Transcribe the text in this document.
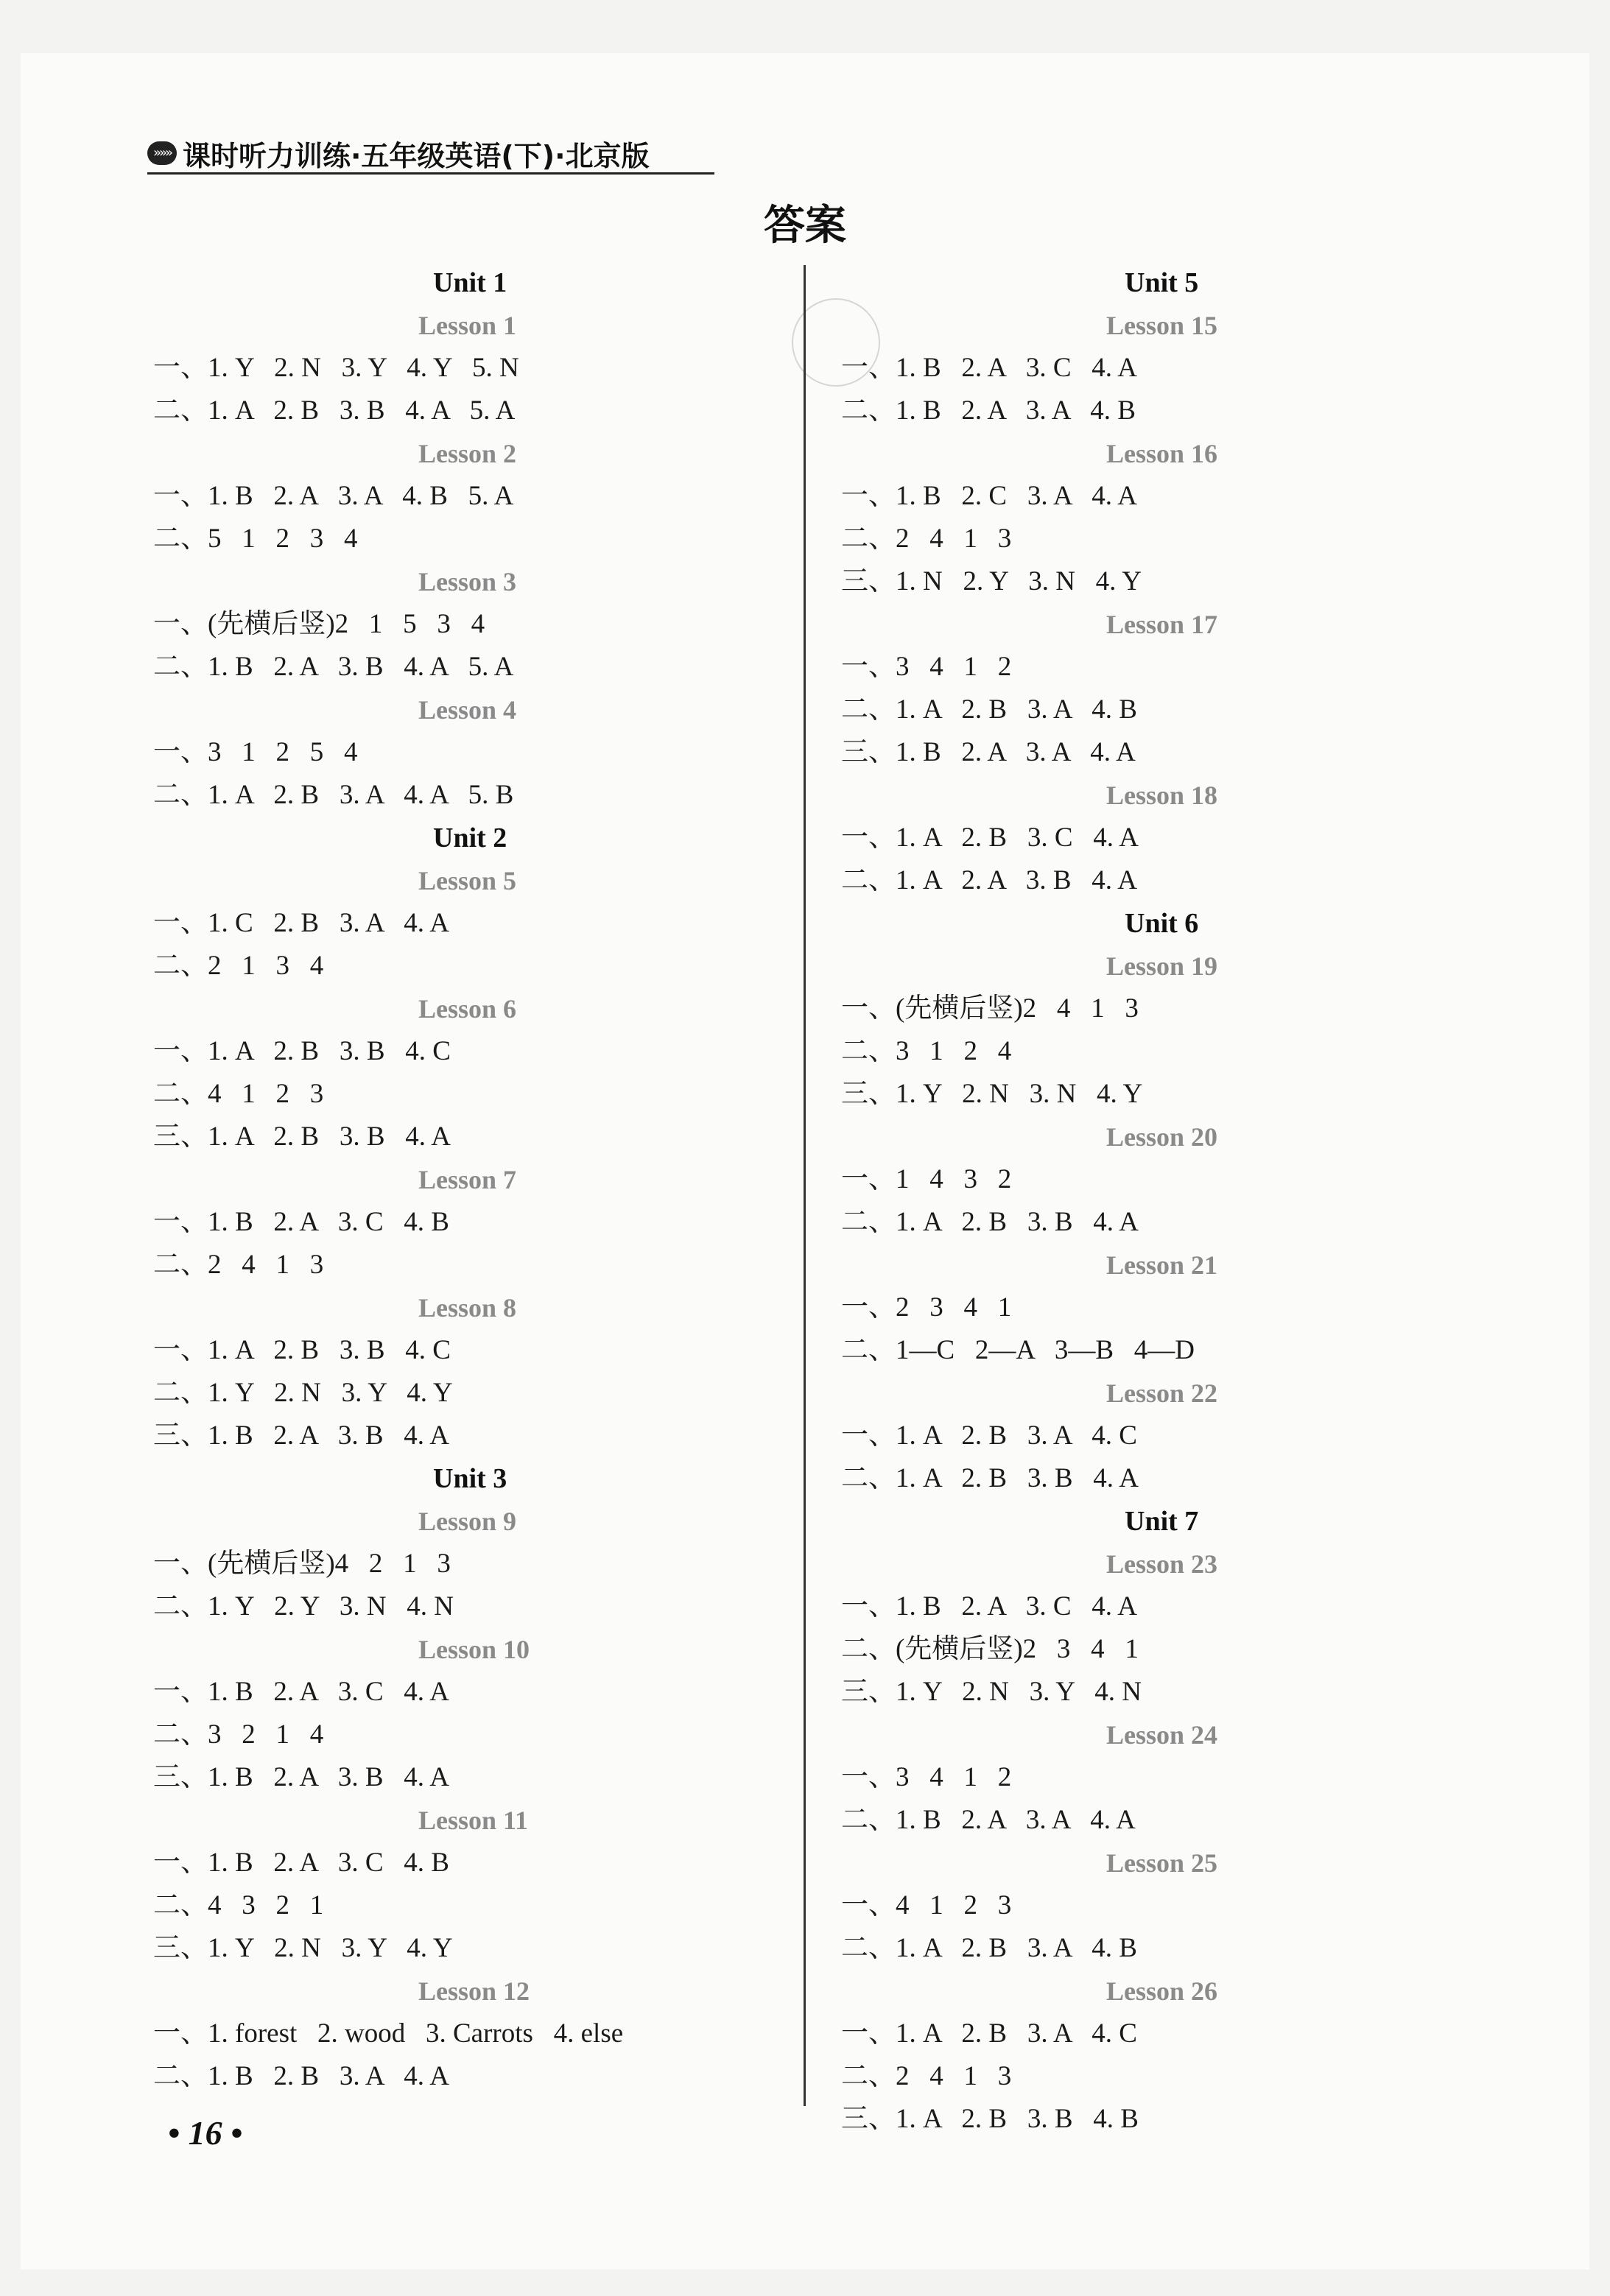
»»» 课时听力训练·五年级英语(下)·北京版
答案
Unit 1
Lesson 1
一、1. Y   2. N   3. Y   4. Y   5. N
二、1. A   2. B   3. B   4. A   5. A
Lesson 2
一、1. B   2. A   3. A   4. B   5. A
二、5   1   2   3   4
Lesson 3
一、(先横后竖)2   1   5   3   4
二、1. B   2. A   3. B   4. A   5. A
Lesson 4
一、3   1   2   5   4
二、1. A   2. B   3. A   4. A   5. B
Unit 2
Lesson 5
一、1. C   2. B   3. A   4. A
二、2   1   3   4
Lesson 6
一、1. A   2. B   3. B   4. C
二、4   1   2   3
三、1. A   2. B   3. B   4. A
Lesson 7
一、1. B   2. A   3. C   4. B
二、2   4   1   3
Lesson 8
一、1. A   2. B   3. B   4. C
二、1. Y   2. N   3. Y   4. Y
三、1. B   2. A   3. B   4. A
Unit 3
Lesson 9
一、(先横后竖)4   2   1   3
二、1. Y   2. Y   3. N   4. N
Lesson 10
一、1. B   2. A   3. C   4. A
二、3   2   1   4
三、1. B   2. A   3. B   4. A
Lesson 11
一、1. B   2. A   3. C   4. B
二、4   3   2   1
三、1. Y   2. N   3. Y   4. Y
Lesson 12
一、1. forest   2. wood   3. Carrots   4. else
二、1. B   2. B   3. A   4. A
Unit 5
Lesson 15
一、1. B   2. A   3. C   4. A
二、1. B   2. A   3. A   4. B
Lesson 16
一、1. B   2. C   3. A   4. A
二、2   4   1   3
三、1. N   2. Y   3. N   4. Y
Lesson 17
一、3   4   1   2
二、1. A   2. B   3. A   4. B
三、1. B   2. A   3. A   4. A
Lesson 18
一、1. A   2. B   3. C   4. A
二、1. A   2. A   3. B   4. A
Unit 6
Lesson 19
一、(先横后竖)2   4   1   3
二、3   1   2   4
三、1. Y   2. N   3. N   4. Y
Lesson 20
一、1   4   3   2
二、1. A   2. B   3. B   4. A
Lesson 21
一、2   3   4   1
二、1—C   2—A   3—B   4—D
Lesson 22
一、1. A   2. B   3. A   4. C
二、1. A   2. B   3. B   4. A
Unit 7
Lesson 23
一、1. B   2. A   3. C   4. A
二、(先横后竖)2   3   4   1
三、1. Y   2. N   3. Y   4. N
Lesson 24
一、3   4   1   2
二、1. B   2. A   3. A   4. A
Lesson 25
一、4   1   2   3
二、1. A   2. B   3. A   4. B
Lesson 26
一、1. A   2. B   3. A   4. C
二、2   4   1   3
三、1. A   2. B   3. B   4. B
• 16 •
